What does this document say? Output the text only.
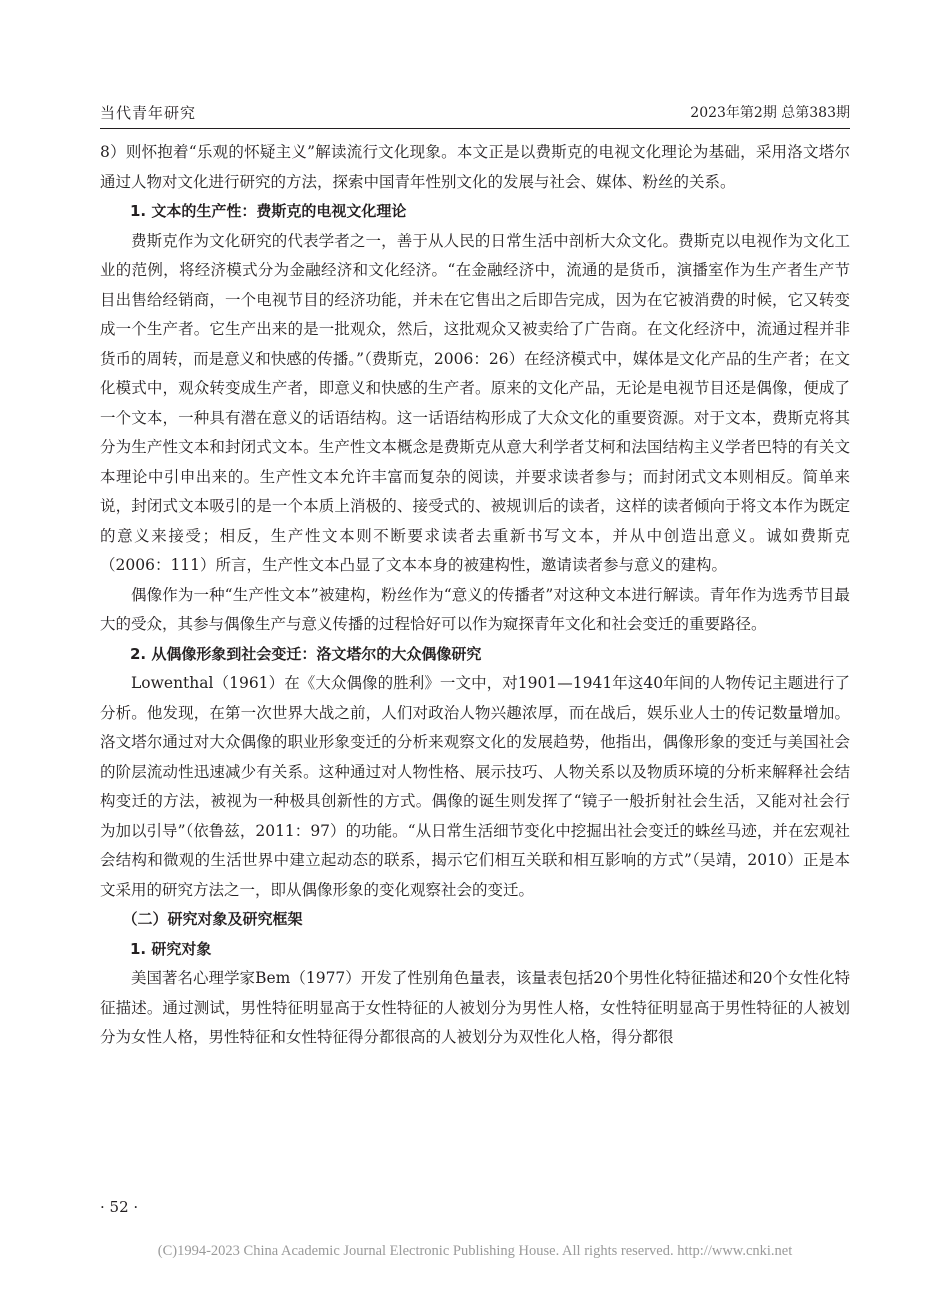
当代青年研究	2023年第2期 总第383期

8）则怀抱着“乐观的怀疑主义”解读流行文化现象。本文正是以费斯克的电视文化理论为基础，采用洛文塔尔通过人物对文化进行研究的方法，探索中国青年性别文化的发展与社会、媒体、粉丝的关系。

1. 文本的生产性：费斯克的电视文化理论

费斯克作为文化研究的代表学者之一，善于从人民的日常生活中剖析大众文化。费斯克以电视作为文化工业的范例，将经济模式分为金融经济和文化经济。“在金融经济中，流通的是货币，演播室作为生产者生产节目出售给经销商，一个电视节目的经济功能，并未在它售出之后即告完成，因为在它被消费的时候，它又转变成一个生产者。它生产出来的是一批观众，然后，这批观众又被卖给了广告商。在文化经济中，流通过程并非货币的周转，而是意义和快感的传播。”（费斯克，2006：26）在经济模式中，媒体是文化产品的生产者；在文化模式中，观众转变成生产者，即意义和快感的生产者。原来的文化产品，无论是电视节目还是偶像，便成了一个文本，一种具有潜在意义的话语结构。这一话语结构形成了大众文化的重要资源。对于文本，费斯克将其分为生产性文本和封闭式文本。生产性文本概念是费斯克从意大利学者艾柯和法国结构主义学者巴特的有关文本理论中引申出来的。生产性文本允许丰富而复杂的阅读，并要求读者参与；而封闭式文本则相反。简单来说，封闭式文本吸引的是一个本质上消极的、接受式的、被规训后的读者，这样的读者倾向于将文本作为既定的意义来接受；相反，生产性文本则不断要求读者去重新书写文本，并从中创造出意义。诚如费斯克（2006：111）所言，生产性文本凸显了文本本身的被建构性，邀请读者参与意义的建构。

偶像作为一种“生产性文本”被建构，粉丝作为“意义的传播者”对这种文本进行解读。青年作为选秀节目最大的受众，其参与偶像生产与意义传播的过程恰好可以作为窥探青年文化和社会变迁的重要路径。

2. 从偶像形象到社会变迁：洛文塔尔的大众偶像研究

Lowenthal（1961）在《大众偶像的胜利》一文中，对1901—1941年这40年间的人物传记主题进行了分析。他发现，在第一次世界大战之前，人们对政治人物兴趣浓厚，而在战后，娱乐业人士的传记数量增加。洛文塔尔通过对大众偶像的职业形象变迁的分析来观察文化的发展趋势，他指出，偶像形象的变迁与美国社会的阶层流动性迅速减少有关系。这种通过对人物性格、展示技巧、人物关系以及物质环境的分析来解释社会结构变迁的方法，被视为一种极具创新性的方式。偶像的诞生则发挥了“镜子一般折射社会生活，又能对社会行为加以引导”（依鲁兹，2011：97）的功能。“从日常生活细节变化中挖掘出社会变迁的蛛丝马迹，并在宏观社会结构和微观的生活世界中建立起动态的联系，揭示它们相互关联和相互影响的方式”（吴靖，2010）正是本文采用的研究方法之一，即从偶像形象的变化观察社会的变迁。

（二）研究对象及研究框架
1. 研究对象

美国著名心理学家Bem（1977）开发了性别角色量表，该量表包括20个男性化特征描述和20个女性化特征描述。通过测试，男性特征明显高于女性特征的人被划分为男性人格，女性特征明显高于男性特征的人被划分为女性人格，男性特征和女性特征得分都很高的人被划分为双性化人格，得分都很

· 52 ·
(C)1994-2023 China Academic Journal Electronic Publishing House. All rights reserved. http://www.cnki.net
